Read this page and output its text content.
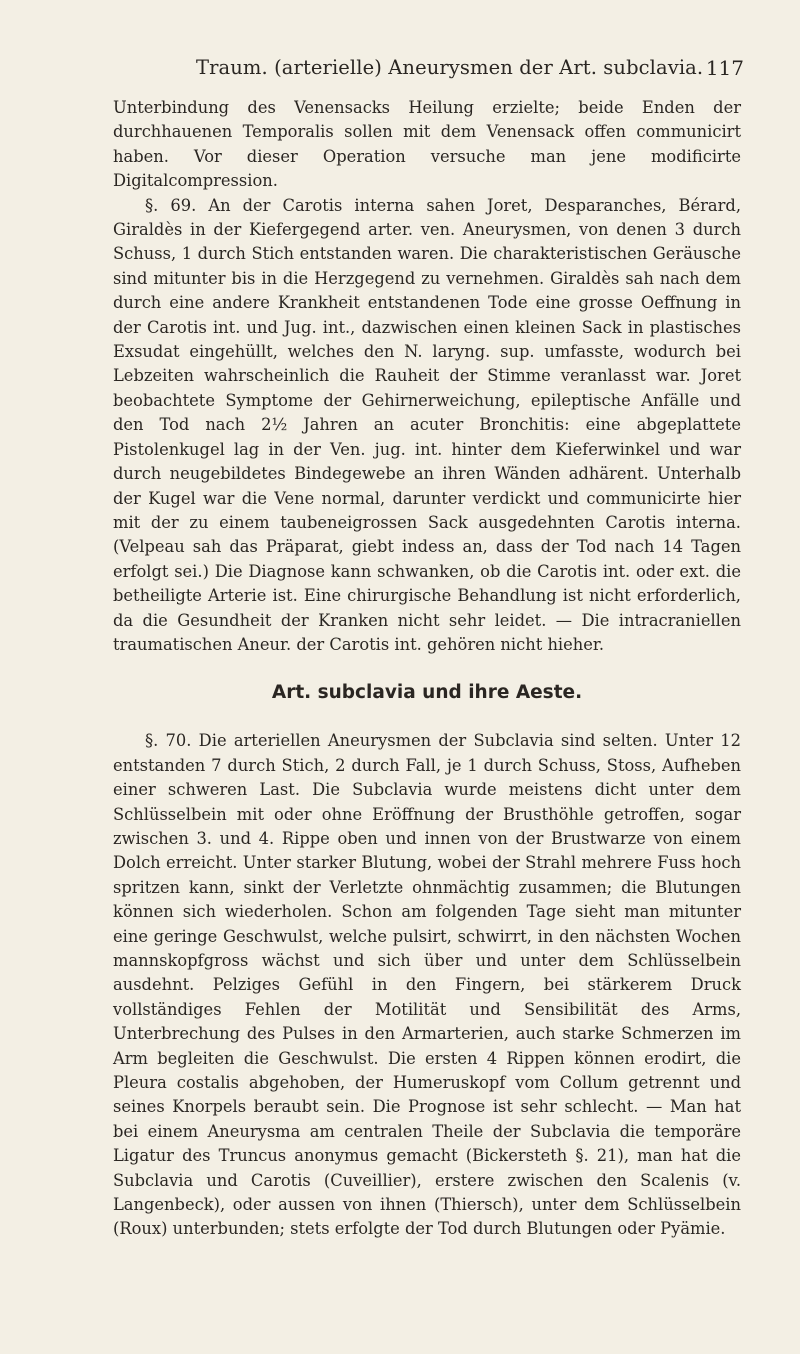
Traum. (arterielle) Aneurysmen der Art. subclavia. 117

Unterbindung des Venensacks Heilung erzielte; beide Enden der durchhauenen Temporalis sollen mit dem Venensack offen communicirt haben. Vor dieser Operation versuche man jene modificirte Digitalcompression.

§. 69. An der Carotis interna sahen Joret, Desparanches, Bérard, Giraldès in der Kiefergegend arter. ven. Aneurysmen, von denen 3 durch Schuss, 1 durch Stich entstanden waren. Die charakteristischen Geräusche sind mitunter bis in die Herzgegend zu vernehmen. Giraldès sah nach dem durch eine andere Krankheit entstandenen Tode eine grosse Oeffnung in der Carotis int. und Jug. int., dazwischen einen kleinen Sack in plastisches Exsudat eingehüllt, welches den N. laryng. sup. umfasste, wodurch bei Lebzeiten wahrscheinlich die Rauheit der Stimme veranlasst war. Joret beobachtete Symptome der Gehirnerweichung, epileptische Anfälle und den Tod nach 2½ Jahren an acuter Bronchitis: eine abgeplattete Pistolenkugel lag in der Ven. jug. int. hinter dem Kieferwinkel und war durch neugebildetes Bindegewebe an ihren Wänden adhärent. Unterhalb der Kugel war die Vene normal, darunter verdickt und communicirte hier mit der zu einem taubeneigrossen Sack ausgedehnten Carotis interna. (Velpeau sah das Präparat, giebt indess an, dass der Tod nach 14 Tagen erfolgt sei.) Die Diagnose kann schwanken, ob die Carotis int. oder ext. die betheiligte Arterie ist. Eine chirurgische Behandlung ist nicht erforderlich, da die Gesundheit der Kranken nicht sehr leidet. — Die intracraniellen traumatischen Aneur. der Carotis int. gehören nicht hieher.

Art. subclavia und ihre Aeste.

§. 70. Die arteriellen Aneurysmen der Subclavia sind selten. Unter 12 entstanden 7 durch Stich, 2 durch Fall, je 1 durch Schuss, Stoss, Aufheben einer schweren Last. Die Subclavia wurde meistens dicht unter dem Schlüsselbein mit oder ohne Eröffnung der Brusthöhle getroffen, sogar zwischen 3. und 4. Rippe oben und innen von der Brustwarze von einem Dolch erreicht. Unter starker Blutung, wobei der Strahl mehrere Fuss hoch spritzen kann, sinkt der Verletzte ohnmächtig zusammen; die Blutungen können sich wiederholen. Schon am folgenden Tage sieht man mitunter eine geringe Geschwulst, welche pulsirt, schwirrt, in den nächsten Wochen mannskopfgross wächst und sich über und unter dem Schlüsselbein ausdehnt. Pelziges Gefühl in den Fingern, bei stärkerem Druck vollständiges Fehlen der Motilität und Sensibilität des Arms, Unterbrechung des Pulses in den Armarterien, auch starke Schmerzen im Arm begleiten die Geschwulst. Die ersten 4 Rippen können erodirt, die Pleura costalis abgehoben, der Humeruskopf vom Collum getrennt und seines Knorpels beraubt sein. Die Prognose ist sehr schlecht. — Man hat bei einem Aneurysma am centralen Theile der Subclavia die temporäre Ligatur des Truncus anonymus gemacht (Bickersteth §. 21), man hat die Subclavia und Carotis (Cuveillier), erstere zwischen den Scalenis (v. Langenbeck), oder aussen von ihnen (Thiersch), unter dem Schlüsselbein (Roux) unterbunden; stets erfolgte der Tod durch Blutungen oder Pyämie.
